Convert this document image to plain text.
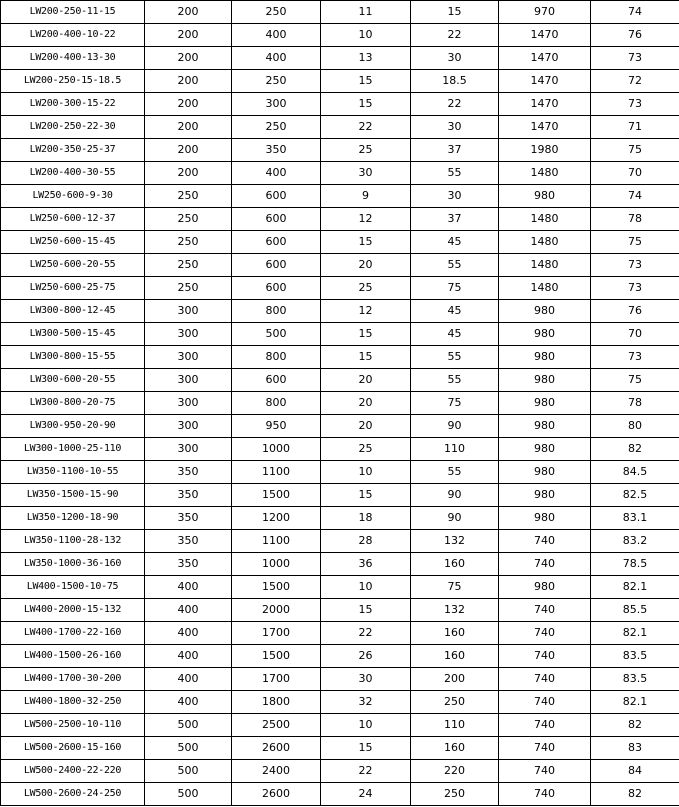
LW200-250-11-15	200	250	11	15	970	74
LW200-400-10-22	200	400	10	22	1470	76
LW200-400-13-30	200	400	13	30	1470	73
LW200-250-15-18.5	200	250	15	18.5	1470	72
LW200-300-15-22	200	300	15	22	1470	73
LW200-250-22-30	200	250	22	30	1470	71
LW200-350-25-37	200	350	25	37	1980	75
LW200-400-30-55	200	400	30	55	1480	70
LW250-600-9-30	250	600	9	30	980	74
LW250-600-12-37	250	600	12	37	1480	78
LW250-600-15-45	250	600	15	45	1480	75
LW250-600-20-55	250	600	20	55	1480	73
LW250-600-25-75	250	600	25	75	1480	73
LW300-800-12-45	300	800	12	45	980	76
LW300-500-15-45	300	500	15	45	980	70
LW300-800-15-55	300	800	15	55	980	73
LW300-600-20-55	300	600	20	55	980	75
LW300-800-20-75	300	800	20	75	980	78
LW300-950-20-90	300	950	20	90	980	80
LW300-1000-25-110	300	1000	25	110	980	82
LW350-1100-10-55	350	1100	10	55	980	84.5
LW350-1500-15-90	350	1500	15	90	980	82.5
LW350-1200-18-90	350	1200	18	90	980	83.1
LW350-1100-28-132	350	1100	28	132	740	83.2
LW350-1000-36-160	350	1000	36	160	740	78.5
LW400-1500-10-75	400	1500	10	75	980	82.1
LW400-2000-15-132	400	2000	15	132	740	85.5
LW400-1700-22-160	400	1700	22	160	740	82.1
LW400-1500-26-160	400	1500	26	160	740	83.5
LW400-1700-30-200	400	1700	30	200	740	83.5
LW400-1800-32-250	400	1800	32	250	740	82.1
LW500-2500-10-110	500	2500	10	110	740	82
LW500-2600-15-160	500	2600	15	160	740	83
LW500-2400-22-220	500	2400	22	220	740	84
LW500-2600-24-250	500	2600	24	250	740	82
